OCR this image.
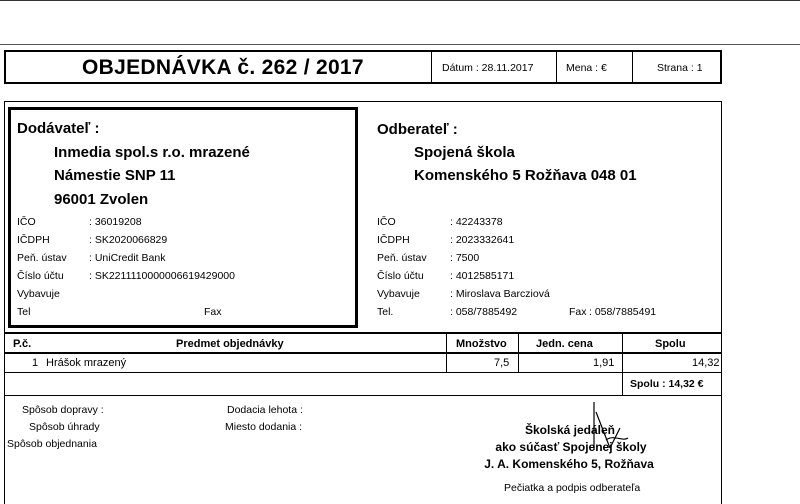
OBJEDNÁVKA č. 262 / 2017	Dátum : 28.11.2017	Mena : €	Strana : 1
Dodávateľ :
Inmedia spol.s r.o. mrazené
Námestie SNP 11
96001 Zvolen
IČO	: 36019208
IČDPH	: SK2020066829
Peň. ústav : UniCredit Bank
Číslo účtu : SK2211110000006619429000
Vybavuje
Tel	Fax
Odberateľ :
Spojená škola
Komenského 5 Rožňava 048 01
IČO	: 42243378
IČDPH	: 2023332641
Peň. ústav : 7500
Číslo účtu	: 4012585171
Vybavuje	: Miroslava Barcziová
Tel.	: 058/7885492	Fax : 058/7885491
P.č.	Predmet objednávky	Množstvo	Jedn. cena	Spolu
1 Hrášok mrazený	7,5	1,91	14,32
Spolu : 14,32 €
Spôsob dopravy :
Spôsob úhrady
Spôsob objednania
Dodacia lehota :
Miesto dodania :	Školská jedáleň
ako súčasť Spojenej školy
J. A. Komenského 5, Rožňava
Pečiatka a podpis odberateľa
